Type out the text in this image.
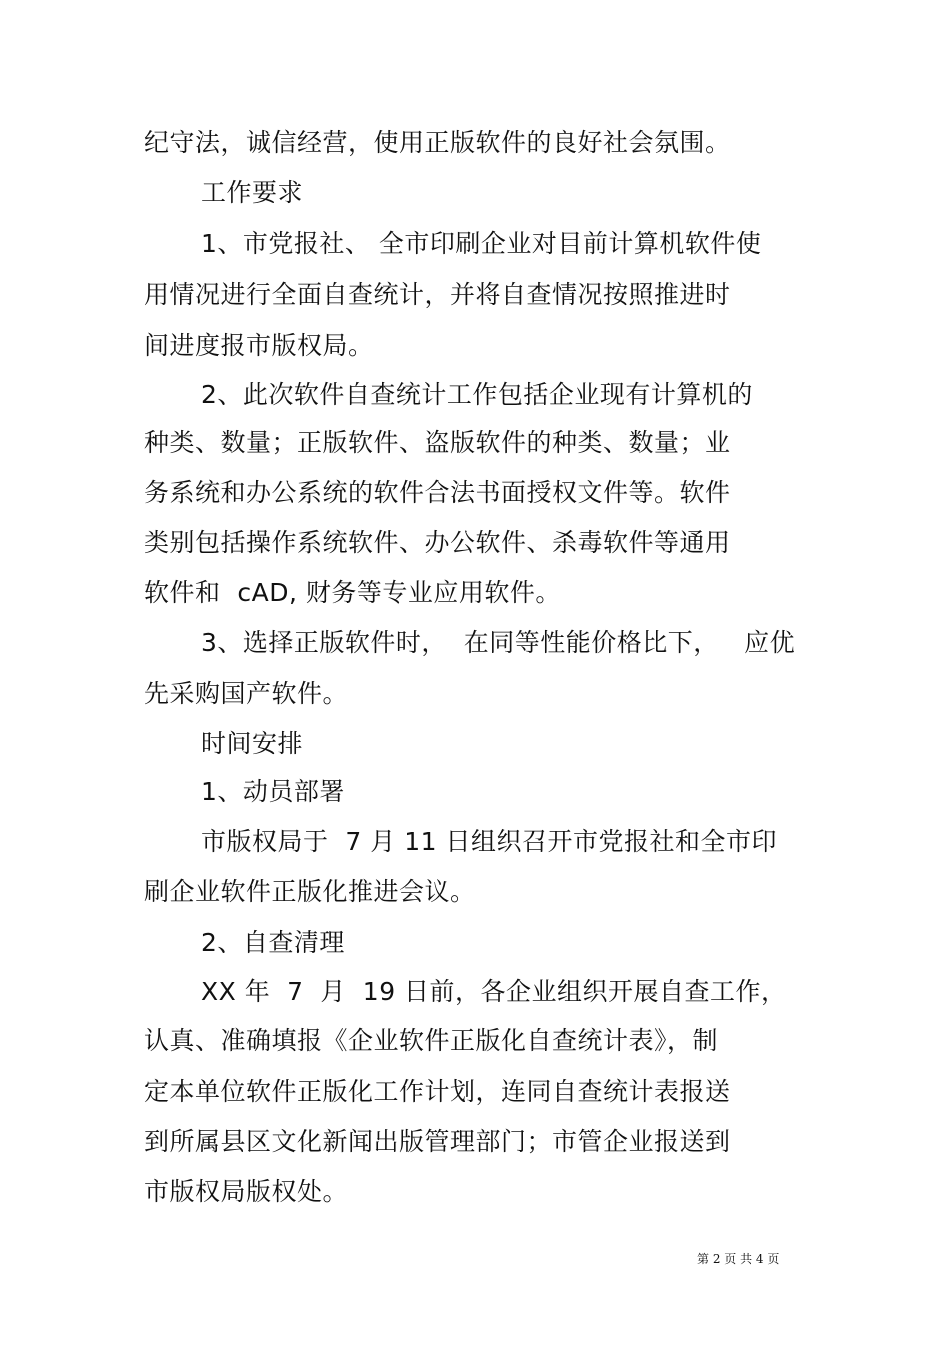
纪守法，诚信经营，使用正版软件的良好社会氛围。
工作要求
1、市党报社、 全市印刷企业对目前计算机软件使
用情况进行全面自查统计，并将自查情况按照推进时
间进度报市版权局。
2、此次软件自查统计工作包括企业现有计算机的
种类、数量；正版软件、盗版软件的种类、数量；业
务系统和办公系统的软件合法书面授权文件等。软件
类别包括操作系统软件、办公软件、杀毒软件等通用
软件和  cAD, 财务等专业应用软件。
3、选择正版软件时，  在同等性能价格比下，   应优
先采购国产软件。
时间安排
1、动员部署
市版权局于  7 月 11 日组织召开市党报社和全市印
刷企业软件正版化推进会议。
2、自查清理
XX 年  7  月  19 日前，各企业组织开展自查工作，
认真、准确填报《企业软件正版化自查统计表》，制
定本单位软件正版化工作计划，连同自查统计表报送
到所属县区文化新闻出版管理部门；市管企业报送到
市版权局版权处。
第 2 页 共 4 页
